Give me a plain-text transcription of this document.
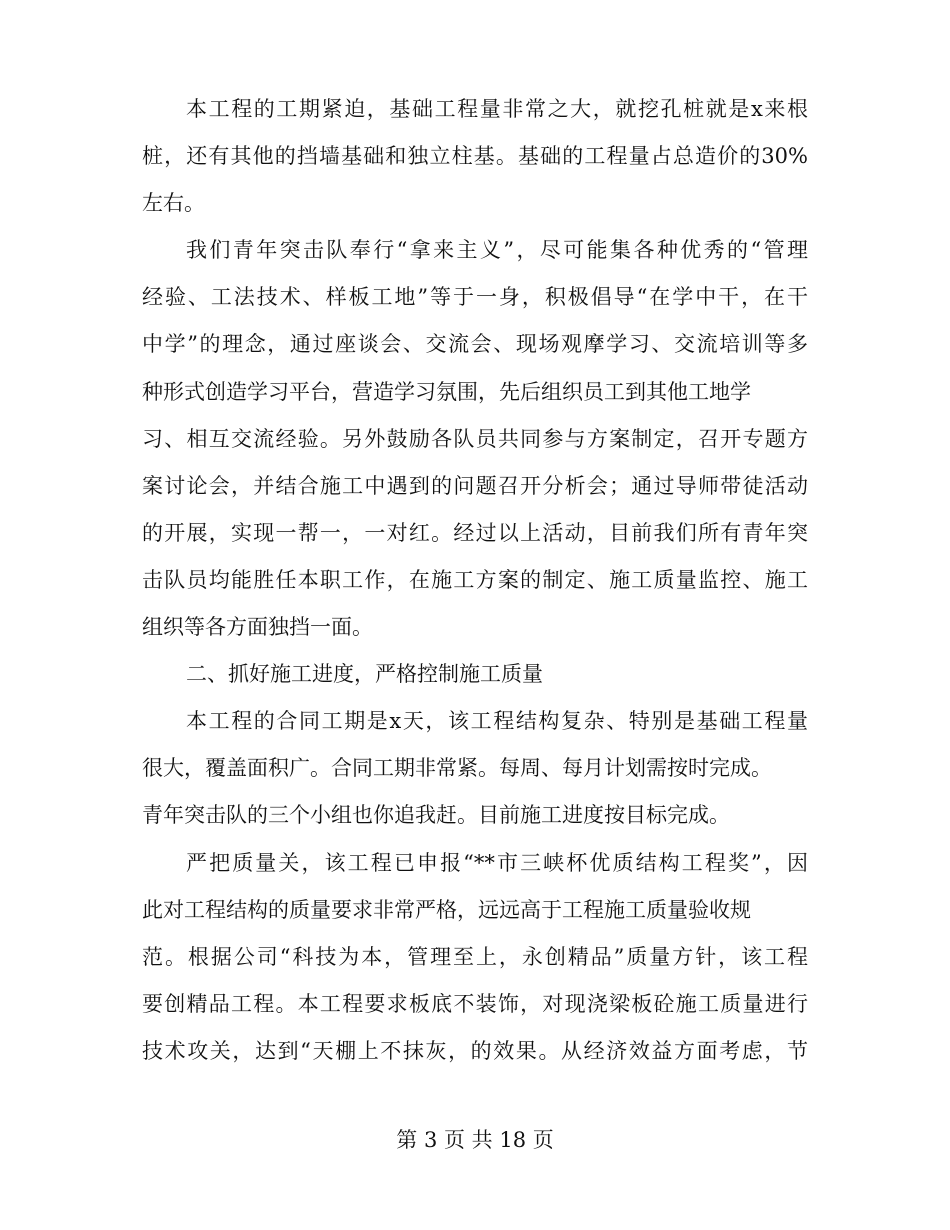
本工程的工期紧迫，基础工程量非常之大，就挖孔桩就是x来根
桩，还有其他的挡墙基础和独立柱基。基础的工程量占总造价的30%
左右。
我们青年突击队奉行“拿来主义”，尽可能集各种优秀的“管理
经验、工法技术、样板工地”等于一身，积极倡导“在学中干，在干
中学”的理念，通过座谈会、交流会、现场观摩学习、交流培训等多
种形式创造学习平台，营造学习氛围，先后组织员工到其他工地学
习、相互交流经验。另外鼓励各队员共同参与方案制定，召开专题方
案讨论会，并结合施工中遇到的问题召开分析会；通过导师带徒活动
的开展，实现一帮一，一对红。经过以上活动，目前我们所有青年突
击队员均能胜任本职工作，在施工方案的制定、施工质量监控、施工
组织等各方面独挡一面。
二、抓好施工进度，严格控制施工质量
本工程的合同工期是x天，该工程结构复杂、特别是基础工程量
很大，覆盖面积广。合同工期非常紧。每周、每月计划需按时完成。
青年突击队的三个小组也你追我赶。目前施工进度按目标完成。
严把质量关，该工程已申报“**市三峡杯优质结构工程奖”，因
此对工程结构的质量要求非常严格，远远高于工程施工质量验收规
范。根据公司“科技为本，管理至上，永创精品”质量方针，该工程
要创精品工程。本工程要求板底不装饰，对现浇梁板砼施工质量进行
技术攻关，达到“天棚上不抹灰，的效果。从经济效益方面考虑，节
第 3 页 共 18 页
